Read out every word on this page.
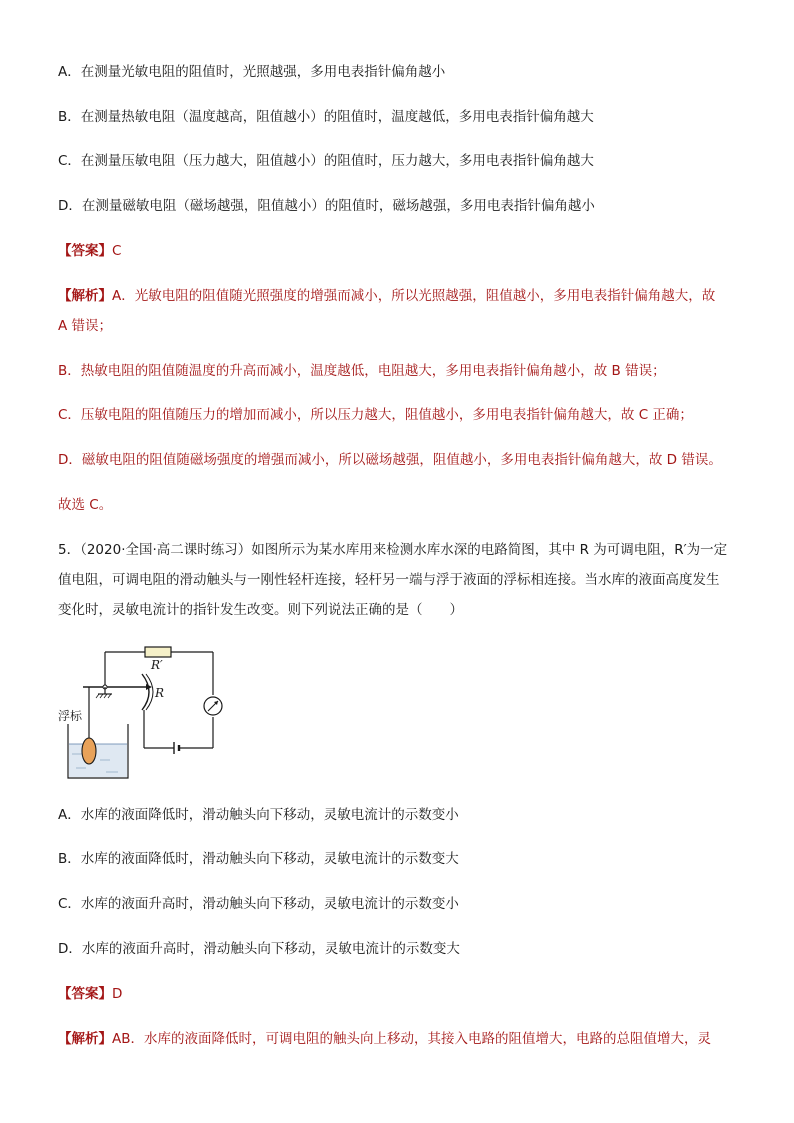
A．在测量光敏电阻的阻值时，光照越强，多用电表指针偏角越小
B．在测量热敏电阻（温度越高，阻值越小）的阻值时，温度越低，多用电表指针偏角越大
C．在测量压敏电阻（压力越大，阻值越小）的阻值时，压力越大，多用电表指针偏角越大
D．在测量磁敏电阻（磁场越强，阻值越小）的阻值时，磁场越强，多用电表指针偏角越小
【答案】C
【解析】A．光敏电阻的阻值随光照强度的增强而减小，所以光照越强，阻值越小，多用电表指针偏角越大，故
A 错误；
B．热敏电阻的阻值随温度的升高而减小，温度越低，电阻越大，多用电表指针偏角越小，故 B 错误；
C．压敏电阻的阻值随压力的增加而减小，所以压力越大，阻值越小，多用电表指针偏角越大，故 C 正确；
D．磁敏电阻的阻值随磁场强度的增强而减小，所以磁场越强，阻值越小，多用电表指针偏角越大，故 D 错误。
故选 C。
5．（2020·全国·高二课时练习）如图所示为某水库用来检测水库水深的电路简图，其中 R 为可调电阻，R′为一定
值电阻，可调电阻的滑动触头与一刚性轻杆连接，轻杆另一端与浮于液面的浮标相连接。当水库的液面高度发生
变化时，灵敏电流计的指针发生改变。则下列说法正确的是（　　）
R′
R
浮标
A．水库的液面降低时，滑动触头向下移动，灵敏电流计的示数变小
B．水库的液面降低时，滑动触头向下移动，灵敏电流计的示数变大
C．水库的液面升高时，滑动触头向下移动，灵敏电流计的示数变小
D．水库的液面升高时，滑动触头向下移动，灵敏电流计的示数变大
【答案】D
【解析】AB．水库的液面降低时，可调电阻的触头向上移动，其接入电路的阻值增大，电路的总阻值增大，灵
